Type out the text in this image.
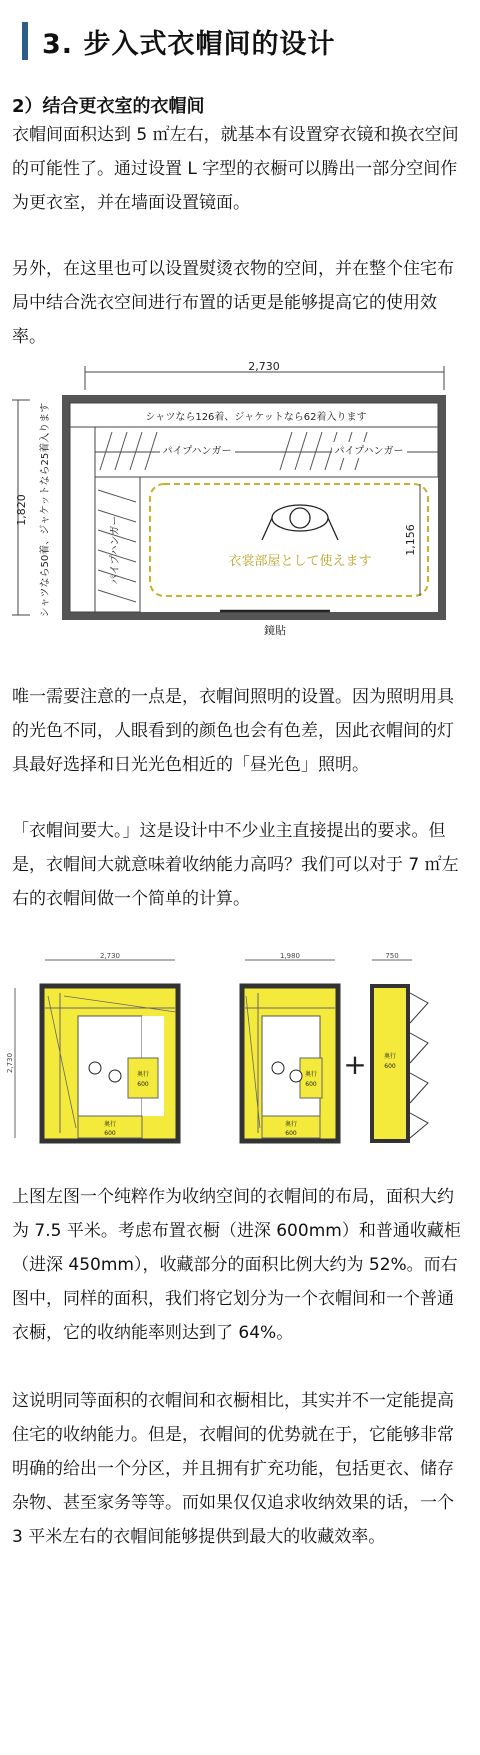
3. 步入式衣帽间的设计
2）结合更衣室的衣帽间

衣帽间面积达到 5 ㎡左右，就基本有设置穿衣镜和换衣空间的可能性了。通过设置 L 字型的衣橱可以腾出一部分空间作为更衣室，并在墙面设置镜面。

另外，在这里也可以设置熨烫衣物的空间，并在整个住宅布局中结合洗衣空间进行布置的话更是能够提高它的使用效率。

2,730
1,820 シャツなら50着、ジャケットなら25着入ります	シャツなら126着、ジャケットなら62着入ります
パイプハンガー	パイプハンガー
パイプハンガー	衣裳部屋として使えます
1,156
鏡貼

唯一需要注意的一点是，衣帽间照明的设置。因为照明用具的光色不同，人眼看到的颜色也会有色差，因此衣帽间的灯具最好选择和日光光色相近的「昼光色」照明。

「衣帽间要大。」这是设计中不少业主直接提出的要求。但是，衣帽间大就意味着收纳能力高吗？我们可以对于 7 ㎡左右的衣帽间做一个简单的计算。

2,730
2,730
奥行
600
奥行
600
1,980
奥行
600
奥行
600
+
750
奥行
600

上图左图一个纯粹作为收纳空间的衣帽间的布局，面积大约为 7.5 平米。考虑布置衣橱（进深 600mm）和普通收藏柜（进深 450mm），收藏部分的面积比例大约为 52%。而右图中，同样的面积，我们将它划分为一个衣帽间和一个普通衣橱，它的收纳能率则达到了 64%。

这说明同等面积的衣帽间和衣橱相比，其实并不一定能提高住宅的收纳能力。但是，衣帽间的优势就在于，它能够非常明确的给出一个分区，并且拥有扩充功能，包括更衣、储存杂物、甚至家务等等。而如果仅仅追求收纳效果的话，一个 3 平米左右的衣帽间能够提供到最大的收藏效率。
